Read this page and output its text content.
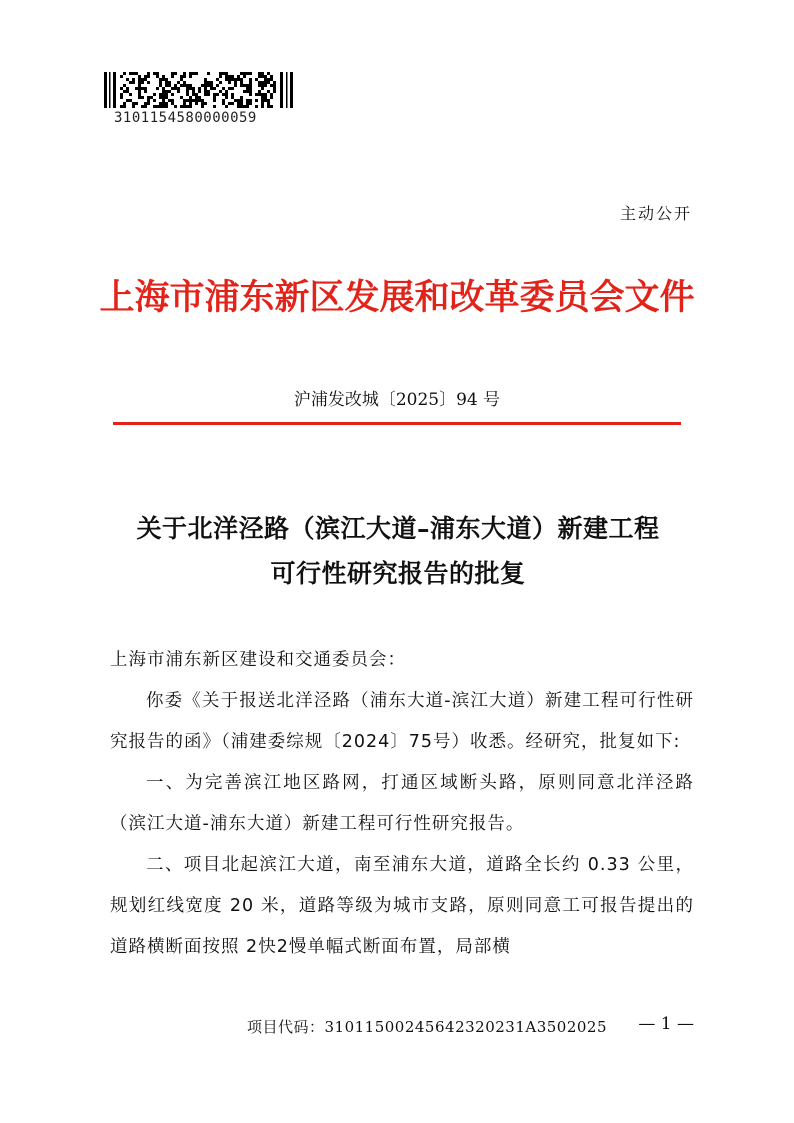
3101154580000059
主动公开
上海市浦东新区发展和改革委员会文件
沪浦发改城〔2025〕94 号
关于北洋泾路（滨江大道–浦东大道）新建工程
可行性研究报告的批复

上海市浦东新区建设和交通委员会：

你委《关于报送北洋泾路（浦东大道-滨江大道）新建工程可行性研究报告的函》（浦建委综规〔2024〕75号）收悉。经研究，批复如下:

一、为完善滨江地区路网，打通区域断头路，原则同意北洋泾路（滨江大道-浦东大道）新建工程可行性研究报告。

二、项目北起滨江大道，南至浦东大道，道路全长约 0.33 公里，规划红线宽度 20 米，道路等级为城市支路，原则同意工可报告提出的道路横断面按照 2快2慢单幅式断面布置，局部横

项目代码：310115002456423202​31A3502025 — 1 —
